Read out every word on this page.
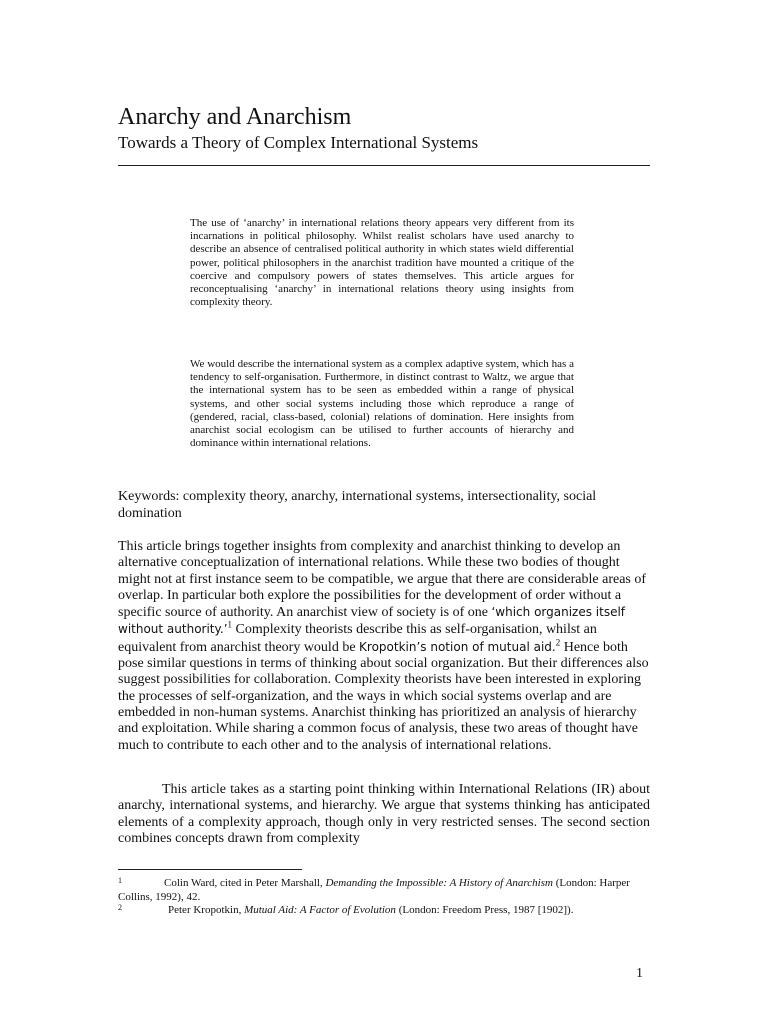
Anarchy and Anarchism
Towards a Theory of Complex International Systems

The use of ‘anarchy’ in international relations theory appears very different from its incarnations in political philosophy. Whilst realist scholars have used anarchy to describe an absence of centralised political authority in which states wield differential power, political philosophers in the anarchist tradition have mounted a critique of the coercive and compulsory powers of states themselves. This article argues for reconceptualising ‘anarchy’ in international relations theory using insights from complexity theory.

We would describe the international system as a complex adaptive system, which has a tendency to self-organisation. Furthermore, in distinct contrast to Waltz, we argue that the international system has to be seen as embedded within a range of physical systems, and other social systems including those which reproduce a range of (gendered, racial, class-based, colonial) relations of domination. Here insights from anarchist social ecologism can be utilised to further accounts of hierarchy and dominance within international relations.

Keywords: complexity theory, anarchy, international systems, intersectionality, social domination

This article brings together insights from complexity and anarchist thinking to develop an alternative conceptualization of international relations. While these two bodies of thought might not at first instance seem to be compatible, we argue that there are considerable areas of overlap. In particular both explore the possibilities for the development of order without a specific source of authority. An anarchist view of society is of one ‘which organizes itself without authority.’$^1$ Complexity theorists describe this as self-organisation, whilst an equivalent from anarchist theory would be Kropotkin’s notion of mutual aid.$^2$ Hence both pose similar questions in terms of thinking about social organization. But their differences also suggest possibilities for collaboration. Complexity theorists have been interested in exploring the processes of self-organization, and the ways in which social systems overlap and are embedded in non-human systems. Anarchist thinking has prioritized an analysis of hierarchy and exploitation. While sharing a common focus of analysis, these two areas of thought have much to contribute to each other and to the analysis of international relations.

This article takes as a starting point thinking within International Relations (IR) about anarchy, international systems, and hierarchy. We argue that systems thinking has anticipated elements of a complexity approach, though only in very restricted senses. The second section combines concepts drawn from complexity

1	Colin Ward, cited in Peter Marshall, Demanding the Impossible: A History of Anarchism (London: Harper Collins, 1992), 42.

2	Peter Kropotkin, Mutual Aid: A Factor of Evolution (London: Freedom Press, 1987 [1902]).

1
